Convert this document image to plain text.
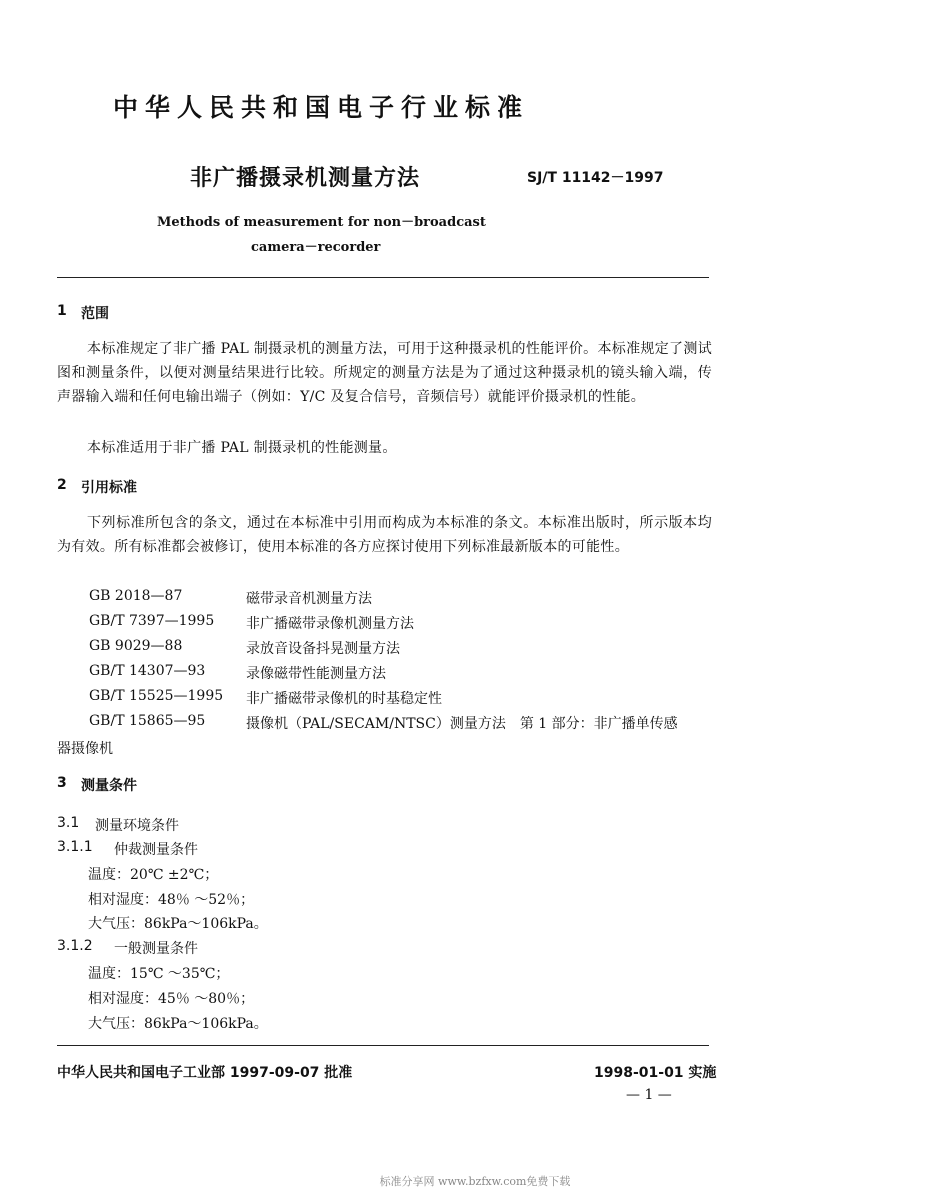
中华人民共和国电子行业标准
非广播摄录机测量方法	SJ/T 11142－1997
Methods of measurement for non－broadcast
camera－recorder
1 范围
本标准规定了非广播 PAL 制摄录机的测量方法，可用于这种摄录机的性能评价。本标准规定了测试图和测量条件，以便对测量结果进行比较。所规定的测量方法是为了通过这种摄录机的镜头输入端，传声器输入端和任何电输出端子（例如：Y/C 及复合信号，音频信号）就能评价摄录机的性能。
本标准适用于非广播 PAL 制摄录机的性能测量。
2 引用标准
下列标准所包含的条文，通过在本标准中引用而构成为本标准的条文。本标准出版时，所示版本均为有效。所有标准都会被修订，使用本标准的各方应探讨使用下列标准最新版本的可能性。
GB 2018—87	磁带录音机测量方法
GB/T 7397—1995 非广播磁带录像机测量方法
GB 9029—88	录放音设备抖晃测量方法
GB/T 14307—93	录像磁带性能测量方法
GB/T 15525—1995 非广播磁带录像机的时基稳定性
GB/T 15865—95	摄像机（PAL/SECAM/NTSC）测量方法　第 1 部分：非广播单传感
器摄像机
3 测量条件
3.1 测量环境条件
3.1.1 仲裁测量条件
温度：20℃ ±2℃；
相对湿度：48％ ～52％；
大气压：86kPa～106kPa。
3.1.2 一般测量条件
温度：15℃ ～35℃；
相对湿度：45％ ～80％；
大气压：86kPa～106kPa。
中华人民共和国电子工业部 1997-09-07 批准	1998-01-01 实施
— 1 —
标准分享网 www.bzfxw.com免费下载
